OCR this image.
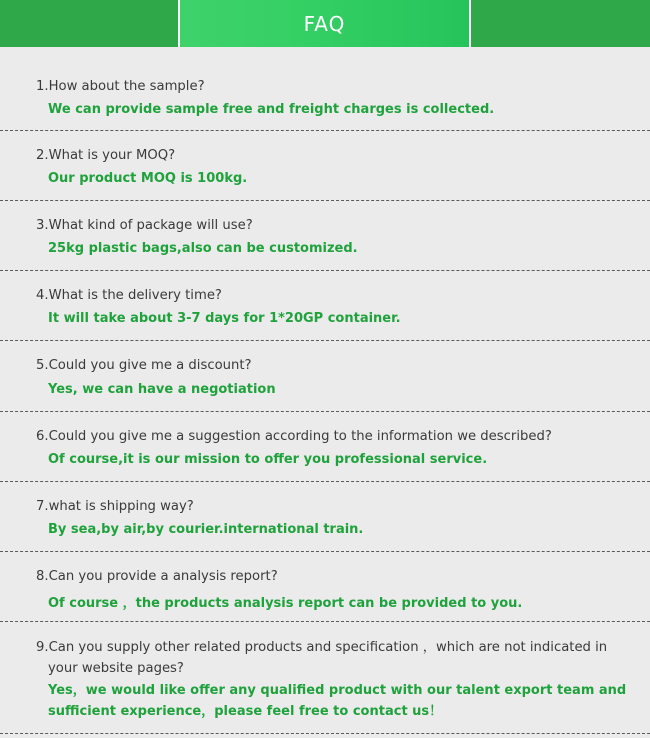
FAQ
1.How about the sample?
We can provide sample free and freight charges is collected.
2.What is your MOQ?
Our product MOQ is 100kg.
3.What kind of package will use?
25kg plastic bags,also can be customized.
4.What is the delivery time?
It will take about 3-7 days for 1*20GP container.
5.Could you give me a discount?
Yes, we can have a negotiation
6.Could you give me a suggestion according to the information we described?
Of course,it is our mission to offer you professional service.
7.what is shipping way?
By sea,by air,by courier.international train.
8.Can you provide a analysis report?
Of course ，the products analysis report can be provided to you.
9.Can you supply other related products and specification ，which are not indicated in
your website pages?
Yes，we would like offer any qualified product with our talent export team and
sufficient experience，please feel free to contact us！
